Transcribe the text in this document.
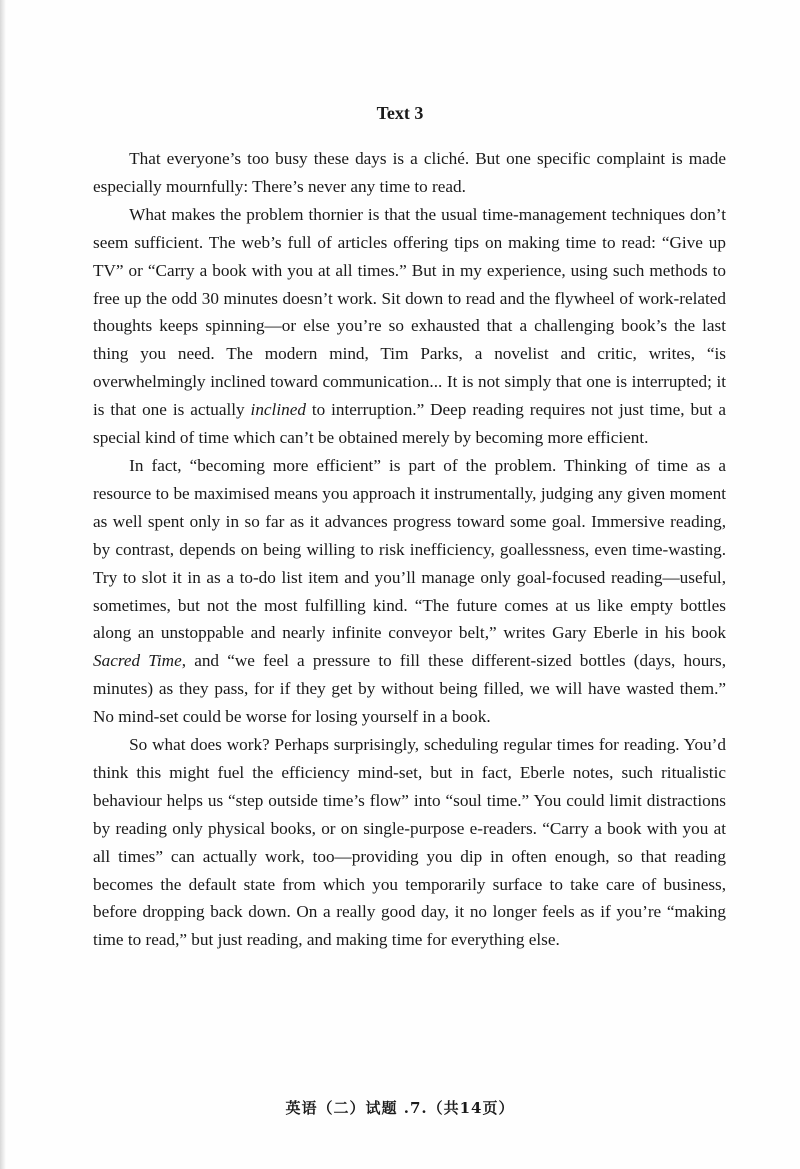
Text 3

That everyone’s too busy these days is a cliché. But one specific complaint is made especially mournfully: There’s never any time to read.

What makes the problem thornier is that the usual time-management techniques don’t seem sufficient. The web’s full of articles offering tips on making time to read: “Give up TV” or “Carry a book with you at all times.” But in my experience, using such methods to free up the odd 30 minutes doesn’t work. Sit down to read and the flywheel of work-related thoughts keeps spinning—or else you’re so exhausted that a challenging book’s the last thing you need. The modern mind, Tim Parks, a novelist and critic, writes, “is overwhelmingly inclined toward communication... It is not simply that one is interrupted; it is that one is actually inclined to interruption.” Deep reading requires not just time, but a special kind of time which can’t be obtained merely by becoming more efficient.

In fact, “becoming more efficient” is part of the problem. Thinking of time as a resource to be maximised means you approach it instrumentally, judging any given moment as well spent only in so far as it advances progress toward some goal. Immersive reading, by contrast, depends on being willing to risk inefficiency, goallessness, even time-wasting. Try to slot it in as a to-do list item and you’ll manage only goal-focused reading—useful, sometimes, but not the most fulfilling kind. “The future comes at us like empty bottles along an unstoppable and nearly infinite conveyor belt,” writes Gary Eberle in his book Sacred Time, and “we feel a pressure to fill these different-sized bottles (days, hours, minutes) as they pass, for if they get by without being filled, we will have wasted them.” No mind-set could be worse for losing yourself in a book.

So what does work? Perhaps surprisingly, scheduling regular times for reading. You’d think this might fuel the efficiency mind-set, but in fact, Eberle notes, such ritualistic behaviour helps us “step outside time’s flow” into “soul time.” You could limit distractions by reading only physical books, or on single-purpose e-readers. “Carry a book with you at all times” can actually work, too—providing you dip in often enough, so that reading becomes the default state from which you temporarily surface to take care of business, before dropping back down. On a really good day, it no longer feels as if you’re “making time to read,” but just reading, and making time for everything else.

英语（二）试题 .7.（共14页）
